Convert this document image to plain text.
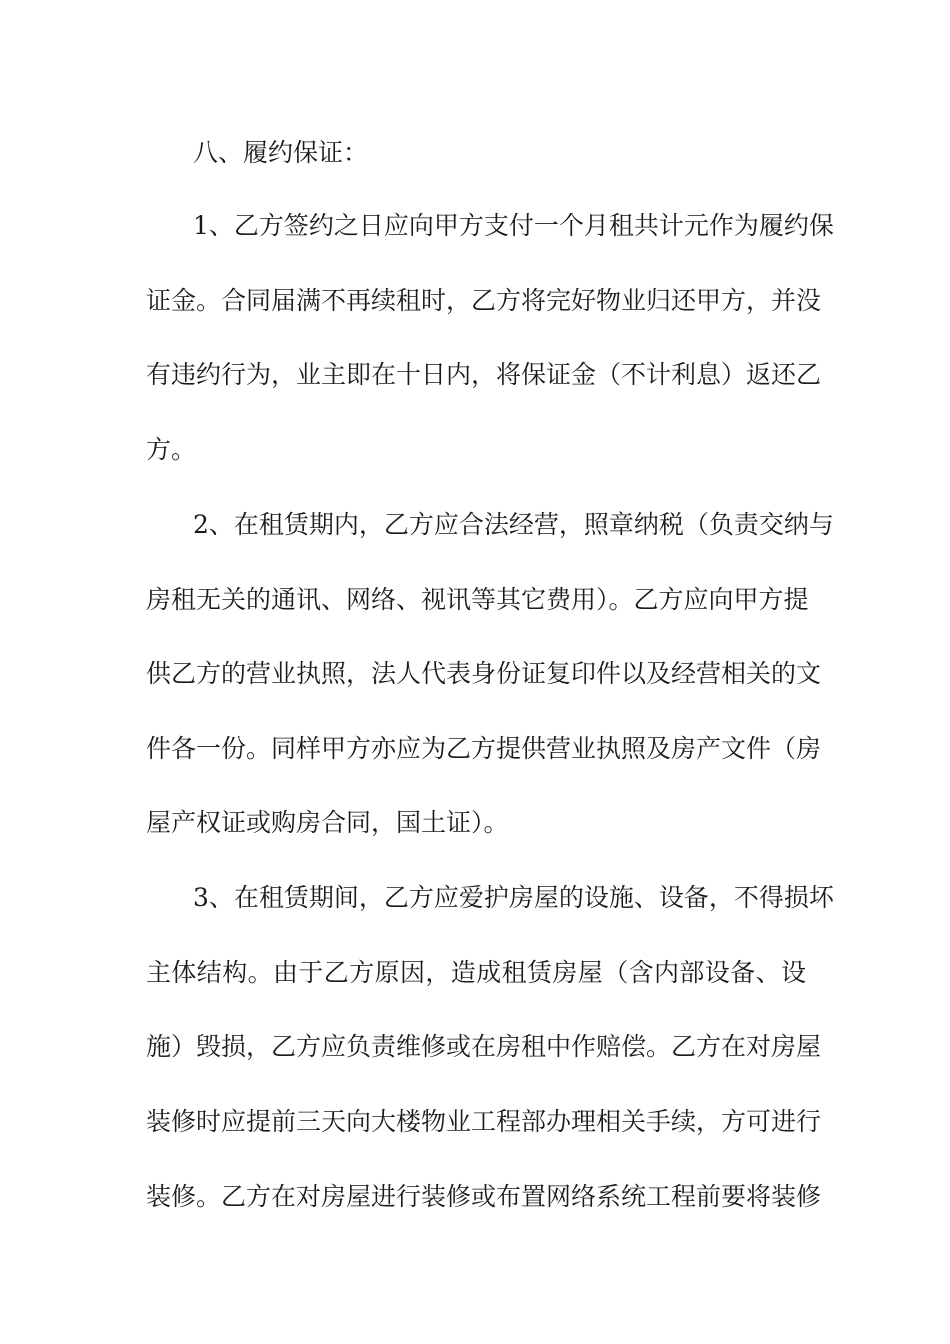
八、履约保证：
1、乙方签约之日应向甲方支付一个月租共计元作为履约保
证金。合同届满不再续租时，乙方将完好物业归还甲方，并没
有违约行为，业主即在十日内，将保证金（不计利息）返还乙
方。
2、在租赁期内，乙方应合法经营，照章纳税（负责交纳与
房租无关的通讯、网络、视讯等其它费用）。乙方应向甲方提
供乙方的营业执照，法人代表身份证复印件以及经营相关的文
件各一份。同样甲方亦应为乙方提供营业执照及房产文件（房
屋产权证或购房合同，国土证）。
3、在租赁期间，乙方应爱护房屋的设施、设备，不得损坏
主体结构。由于乙方原因，造成租赁房屋（含内部设备、设
施）毁损，乙方应负责维修或在房租中作赔偿。乙方在对房屋
装修时应提前三天向大楼物业工程部办理相关手续，方可进行
装修。乙方在对房屋进行装修或布置网络系统工程前要将装修
